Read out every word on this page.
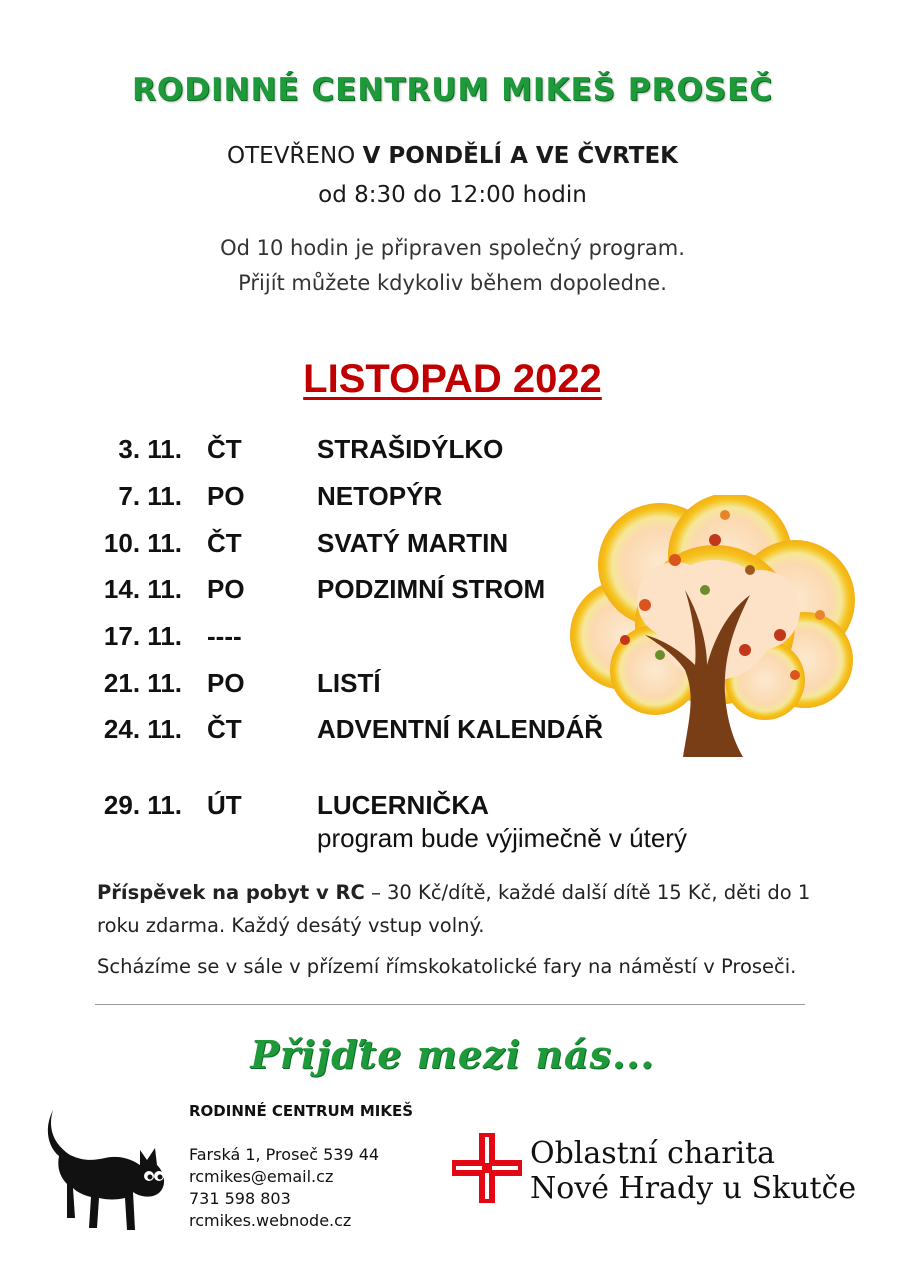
RODINNÉ CENTRUM MIKEŠ PROSEČ
OTEVŘENO V PONDĚLÍ A VE ČVRTEK
od 8:30 do 12:00 hodin
Od 10 hodin je připraven společný program.
Přijít můžete kdykoliv během dopoledne.
LISTOPAD 2022
3. 11. ČT	STRAŠIDÝLKO
7. 11. PO	NETOPÝR
10. 11. ČT	SVATÝ MARTIN
14. 11. PO	PODZIMNÍ STROM
17. 11. ----
21. 11. PO	LISTÍ
24. 11. ČT	ADVENTNÍ KALENDÁŘ
29. 11. ÚT	LUCERNIČKA
program bude výjimečně v úterý
Příspěvek na pobyt v RC – 30 Kč/dítě, každé další dítě 15 Kč, děti do 1 roku zdarma. Každý desátý vstup volný.
Scházíme se v sále v přízemí římskokatolické fary na náměstí v Proseči.
Přijďte mezi nás...
RODINNÉ CENTRUM MIKEŠ
Farská 1, Proseč 539 44
rcmikes@email.cz
731 598 803
rcmikes.webnode.cz
Oblastní charita
Nové Hrady u Skutče
